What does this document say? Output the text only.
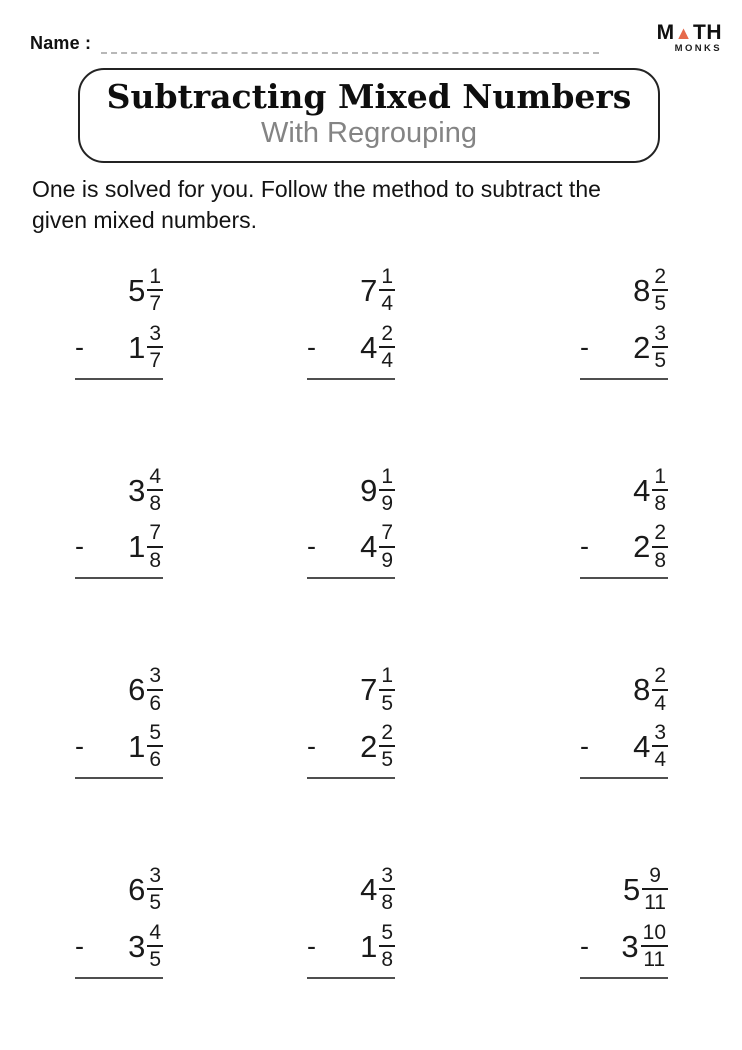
Name :	M▲TH
MONKS
Subtracting Mixed Numbers
With Regrouping
One is solved for you. Follow the method to subtract the
given mixed numbers.
$5 \frac{1}{7}$
- $1 \frac{3}{7}$
$7 \frac{1}{4}$
- $4 \frac{2}{4}$
$8 \frac{2}{5}$
- $2 \frac{3}{5}$
$3 \frac{4}{8}$
- $1 \frac{7}{8}$
$9 \frac{1}{9}$
- $4 \frac{7}{9}$
$4 \frac{1}{8}$
- $2 \frac{2}{8}$
$6 \frac{3}{6}$
- $1 \frac{5}{6}$
$7 \frac{1}{5}$
- $2 \frac{2}{5}$
$8 \frac{2}{4}$
- $4 \frac{3}{4}$
$6 \frac{3}{5}$
- $3 \frac{4}{5}$
$4 \frac{3}{8}$
- $1 \frac{5}{8}$
$5 \frac{9}{11}$
- $3 \frac{10}{11}$
